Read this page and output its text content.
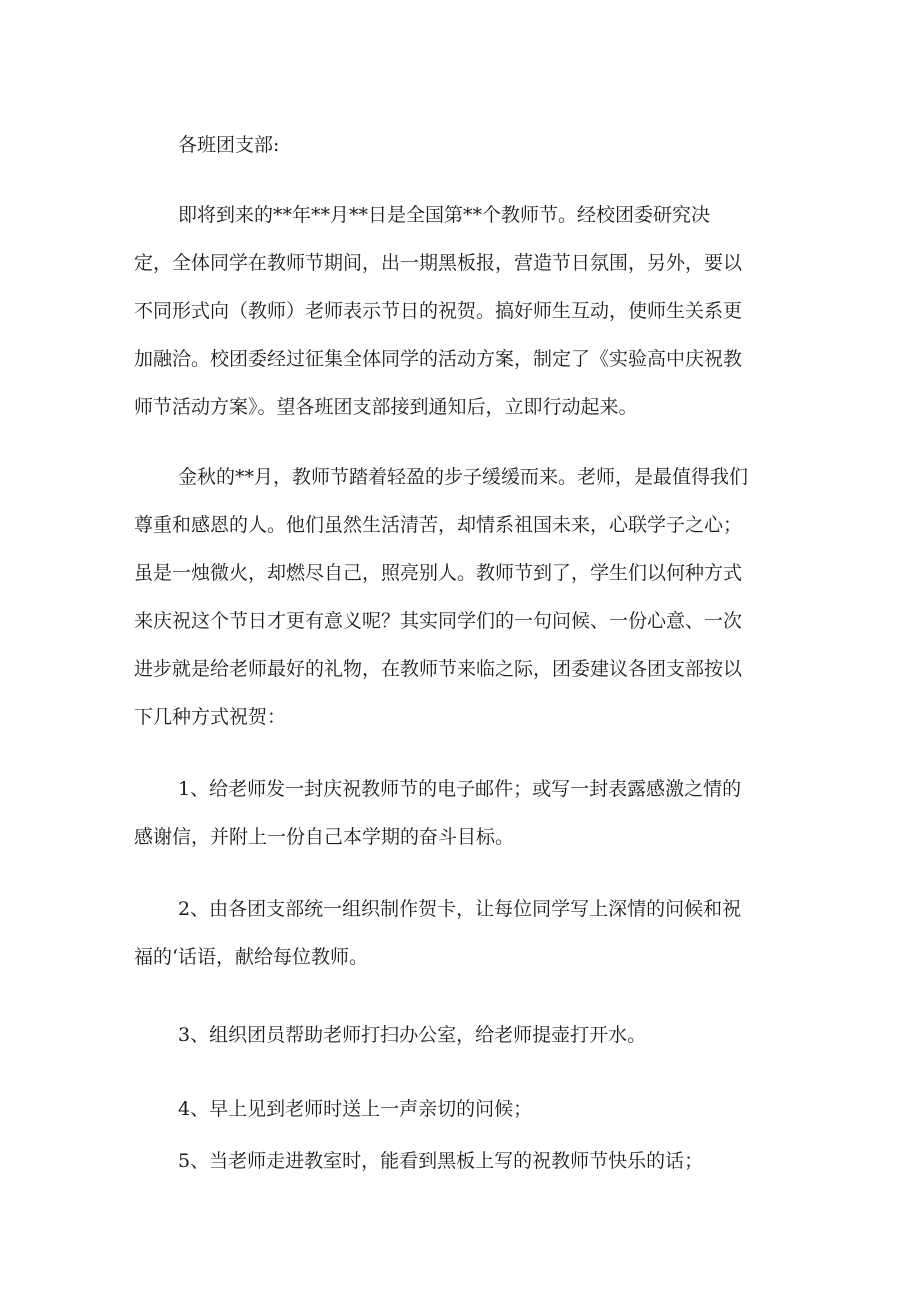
各班团支部:
即将到来的**年**月**日是全国第**个教师节。经校团委研究决
定，全体同学在教师节期间，出一期黑板报，营造节日氛围，另外，要以
不同形式向（教师）老师表示节日的祝贺。搞好师生互动，使师生关系更
加融洽。校团委经过征集全体同学的活动方案，制定了《实验高中庆祝教
师节活动方案》。望各班团支部接到通知后，立即行动起来。
金秋的**月，教师节踏着轻盈的步子缓缓而来。老师，是最值得我们
尊重和感恩的人。他们虽然生活清苦，却情系祖国未来，心联学子之心；
虽是一烛微火，却燃尽自己，照亮别人。教师节到了，学生们以何种方式
来庆祝这个节日才更有意义呢？其实同学们的一句问候、一份心意、一次
进步就是给老师最好的礼物，在教师节来临之际，团委建议各团支部按以
下几种方式祝贺：
1、给老师发一封庆祝教师节的电子邮件；或写一封表露感激之情的
感谢信，并附上一份自己本学期的奋斗目标。
2、由各团支部统一组织制作贺卡，让每位同学写上深情的问候和祝
福的‘话语，献给每位教师。
3、组织团员帮助老师打扫办公室，给老师提壶打开水。
4、早上见到老师时送上一声亲切的问候；
5、当老师走进教室时，能看到黑板上写的祝教师节快乐的话；
